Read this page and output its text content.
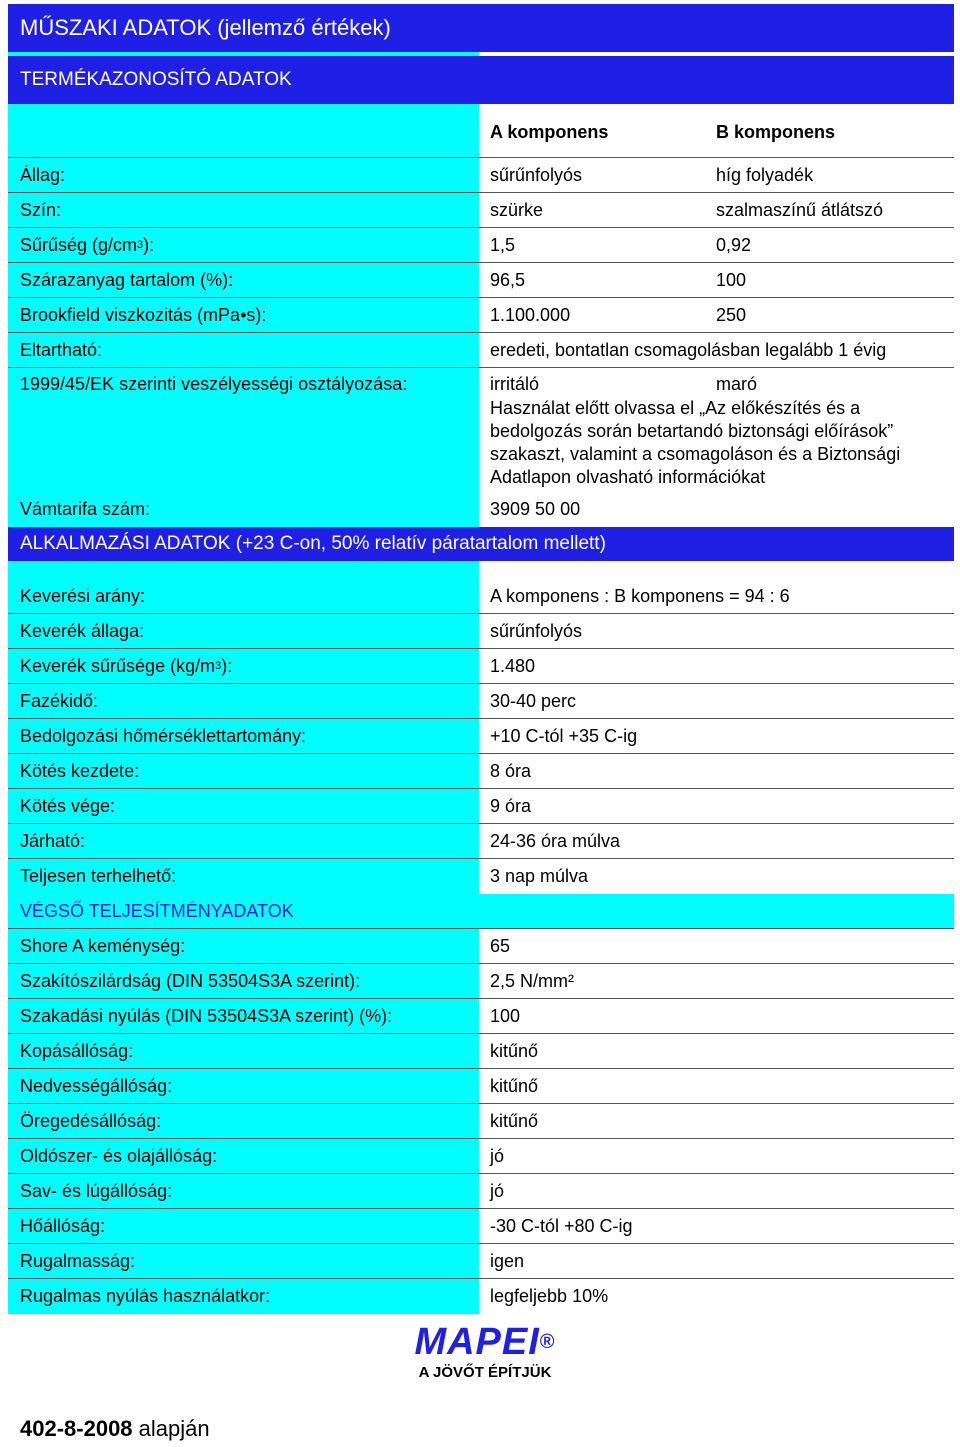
MŰSZAKI ADATOK (jellemző értékek)
TERMÉKAZONOSÍTÓ ADATOK
A komponens	B komponens
Állag:	sűrűnfolyós	híg folyadék
Szín:	szürke	szalmaszínű átlátszó
Sűrűség (g/cm 3 ):	1,5	0,92
Szárazanyag tartalom (%):	96,5	100
Brookfield viszkozitás (mPa•s):	1.100.000	250
Eltartható:	eredeti, bontatlan csomagolásban legalább 1 évig
1999/45/EK szerinti veszélyességi osztályozása:	irritáló	maró
Használat előtt olvassa el „Az előkészítés és a bedolgozás során betartandó biztonsági előírások” szakaszt, valamint a csomagoláson és a Biztonsági Adatlapon olvasható információkat
Vámtarifa szám:	3909 50 00
ALKALMAZÁSI ADATOK (+23 C-on, 50% relatív páratartalom mellett)
Keverési arány:	A komponens : B komponens = 94 : 6
Keverék állaga:	sűrűnfolyós
Keverék sűrűsége (kg/m 3 ):	1.480
Fazékidő:	30-40 perc
Bedolgozási hőmérséklettartomány:	+10 C-tól +35 C-ig
Kötés kezdete:	8 óra
Kötés vége:	9 óra
Járható:	24-36 óra múlva
Teljesen terhelhető:	3 nap múlva
VÉGSŐ TELJESÍTMÉNYADATOK
Shore A keménység:	65
Szakítószilárdság (DIN 53504S3A szerint):	2,5 N/mm²
Szakadási nyúlás (DIN 53504S3A szerint) (%):	100
Kopásállóság:	kitűnő
Nedvességállóság:	kitűnő
Öregedésállóság:	kitűnő
Oldószer- és olajállóság:	jó
Sav- és lúgállóság:	jó
Hőállóság:	-30 C-tól +80 C-ig
Rugalmasság:	igen
Rugalmas nyúlás használatkor:	legfeljebb 10%
MAPEI®
A JÖVŐT ÉPÍTJÜK
402-8-2008 alapján
